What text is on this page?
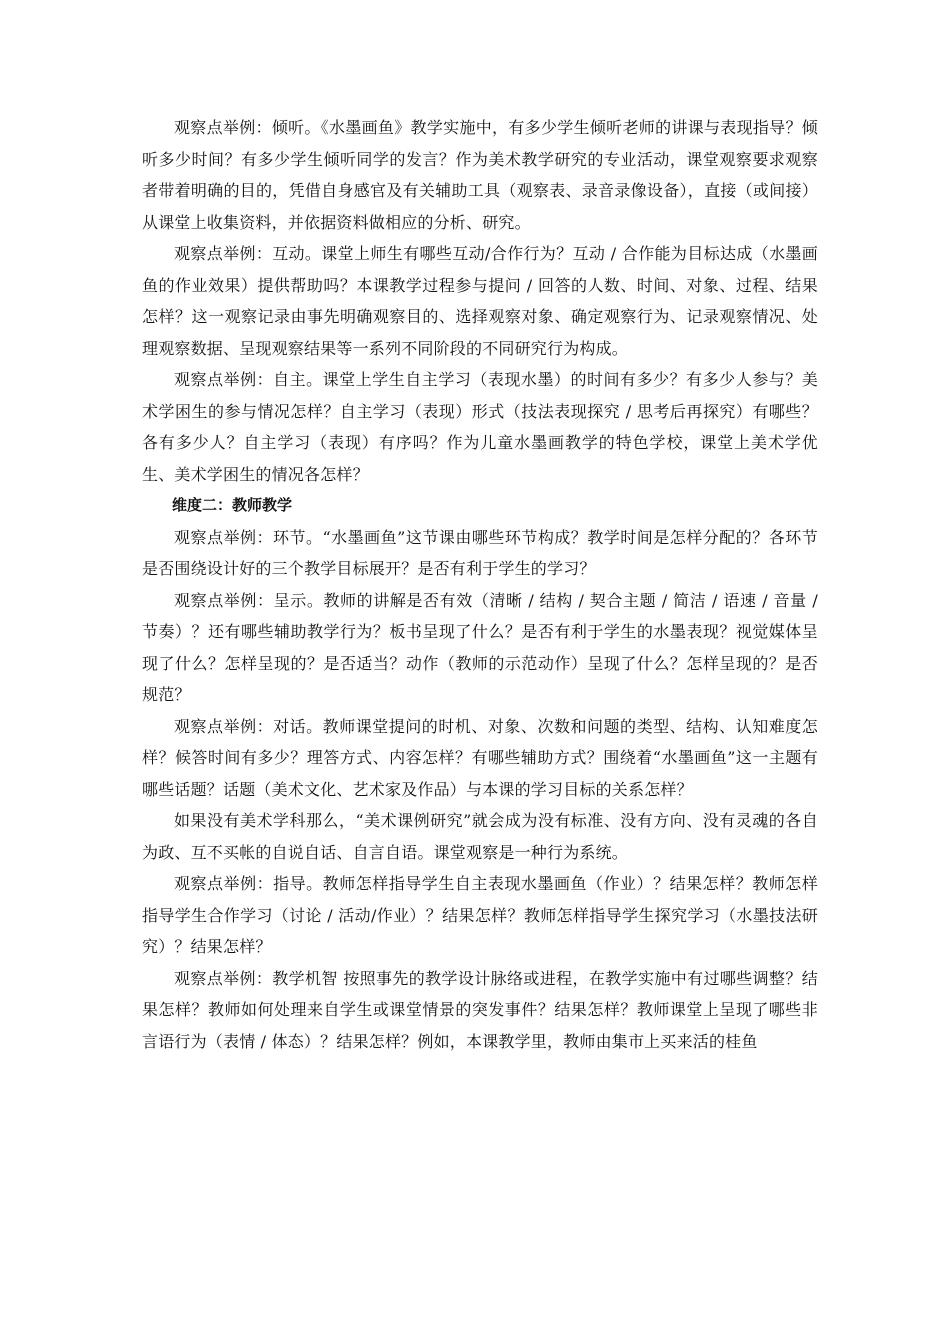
观察点举例：倾听。《水墨画鱼》教学实施中，有多少学生倾听老师的讲课与表现指导？倾听多少时间？有多少学生倾听同学的发言？作为美术教学研究的专业活动，课堂观察要求观察者带着明确的目的，凭借自身感官及有关辅助工具（观察表、录音录像设备），直接（或间接）从课堂上收集资料，并依据资料做相应的分析、研究。

观察点举例：互动。课堂上师生有哪些互动/合作行为？互动 / 合作能为目标达成（水墨画鱼的作业效果）提供帮助吗？本课教学过程参与提问 / 回答的人数、时间、对象、过程、结果怎样？这一观察记录由事先明确观察目的、选择观察对象、确定观察行为、记录观察情况、处理观察数据、呈现观察结果等一系列不同阶段的不同研究行为构成。

观察点举例：自主。课堂上学生自主学习（表现水墨）的时间有多少？有多少人参与？美术学困生的参与情况怎样？自主学习（表现）形式（技法表现探究 / 思考后再探究）有哪些？各有多少人？自主学习（表现）有序吗？作为儿童水墨画教学的特色学校，课堂上美术学优生、美术学困生的情况各怎样？

维度二：教师教学

观察点举例：环节。“水墨画鱼”这节课由哪些环节构成？教学时间是怎样分配的？各环节是否围绕设计好的三个教学目标展开？是否有利于学生的学习？

观察点举例：呈示。教师的讲解是否有效（清晰 / 结构 / 契合主题 / 简洁 / 语速 / 音量 / 节奏）？还有哪些辅助教学行为？板书呈现了什么？是否有利于学生的水墨表现？视觉媒体呈现了什么？怎样呈现的？是否适当？动作（教师的示范动作）呈现了什么？怎样呈现的？是否规范？

观察点举例：对话。教师课堂提问的时机、对象、次数和问题的类型、结构、认知难度怎样？候答时间有多少？理答方式、内容怎样？有哪些辅助方式？围绕着“水墨画鱼”这一主题有哪些话题？话题（美术文化、艺术家及作品）与本课的学习目标的关系怎样？

如果没有美术学科那么，“美术课例研究”就会成为没有标准、没有方向、没有灵魂的各自为政、互不买帐的自说自话、自言自语。课堂观察是一种行为系统。

观察点举例：指导。教师怎样指导学生自主表现水墨画鱼（作业）？结果怎样？教师怎样指导学生合作学习（讨论 / 活动/作业）？结果怎样？教师怎样指导学生探究学习（水墨技法研究）？结果怎样？

观察点举例：教学机智 按照事先的教学设计脉络或进程，在教学实施中有过哪些调整？结果怎样？教师如何处理来自学生或课堂情景的突发事件？结果怎样？教师课堂上呈现了哪些非言语行为（表情 / 体态）？结果怎样？例如，本课教学里，教师由集市上买来活的桂鱼
